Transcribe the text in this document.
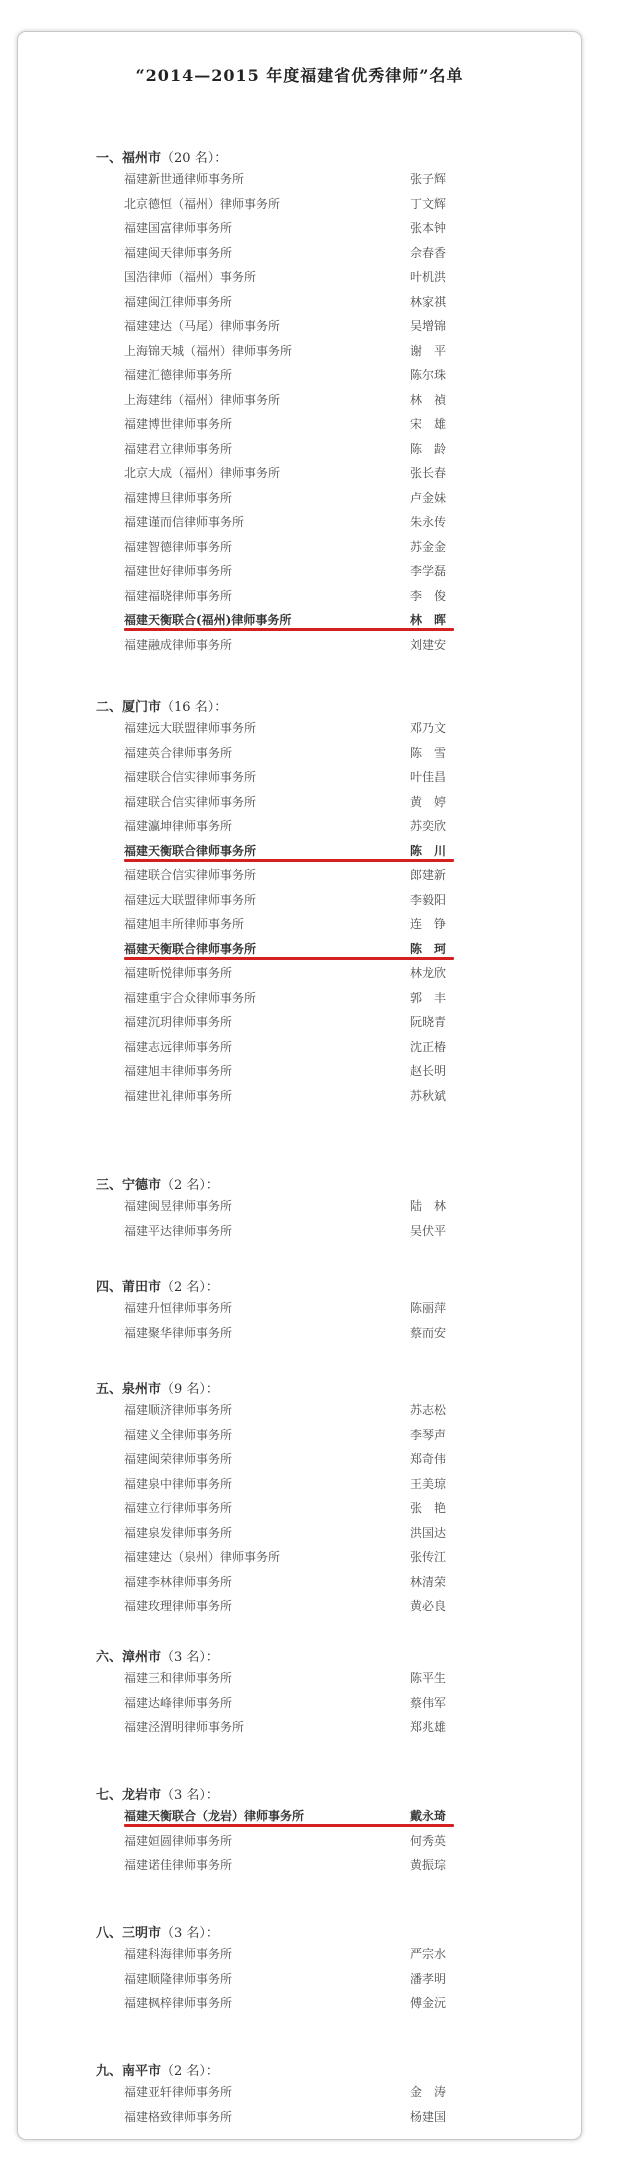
“2014—2015 年度福建省优秀律师”名单
一、福州市（20 名）：
福建新世通律师事务所	张子辉
北京德恒（福州）律师事务所	丁文辉
福建国富律师事务所	张本钟
福建闽天律师事务所	佘春香
国浩律师（福州）事务所	叶机洪
福建闽江律师事务所	林家祺
福建建达（马尾）律师事务所	吴增锦
上海锦天城（福州）律师事务所	谢　平
福建汇德律师事务所	陈尔珠
上海建纬（福州）律师事务所	林　禎
福建博世律师事务所	宋　雄
福建君立律师事务所	陈　龄
北京大成（福州）律师事务所	张长春
福建博旦律师事务所	卢金妹
福建谨而信律师事务所	朱永传
福建智德律师事务所	苏金金
福建世好律师事务所	李学磊
福建福晓律师事务所	李　俊
福建天衡联合(福州)律师事务所	林　晖
福建融成律师事务所	刘建安
二、厦门市（16 名）：
福建远大联盟律师事务所	邓乃文
福建英合律师事务所	陈　雪
福建联合信实律师事务所	叶佳昌
福建联合信实律师事务所	黄　婷
福建瀛坤律师事务所	苏奕欣
福建天衡联合律师事务所	陈　川
福建联合信实律师事务所	郎建新
福建远大联盟律师事务所	李毅阳
福建旭丰所律师事务所	连　铮
福建天衡联合律师事务所	陈　珂
福建昕悦律师事务所	林龙欣
福建重宇合众律师事务所	郭　丰
福建沉玥律师事务所	阮晓青
福建志远律师事务所	沈正椿
福建旭丰律师事务所	赵长明
福建世礼律师事务所	苏秋斌
三、宁德市（2 名）：
福建闽昱律师事务所	陆　林
福建平达律师事务所	吴伏平
四、莆田市（2 名）：
福建升恒律师事务所	陈丽萍
福建聚华律师事务所	蔡而安
五、泉州市（9 名）：
福建顺济律师事务所	苏志松
福建义全律师事务所	李琴声
福建闽荣律师事务所	郑奇伟
福建泉中律师事务所	王美琼
福建立行律师事务所	张　艳
福建泉发律师事务所	洪国达
福建建达（泉州）律师事务所	张传江
福建李林律师事务所	林清荣
福建玫理律师事务所	黄必良
六、漳州市（3 名）：
福建三和律师事务所	陈平生
福建达峰律师事务所	蔡伟军
福建泾渭明律师事务所	郑兆雄
七、龙岩市（3 名）：
福建天衡联合（龙岩）律师事务所	戴永琦
福建姮圆律师事务所	何秀英
福建诺佳律师事务所	黄振琮
八、三明市（3 名）：
福建科海律师事务所	严宗水
福建顺隆律师事务所	潘孝明
福建枫梓律师事务所	傅金沅
九、南平市（2 名）：
福建亚轩律师事务所	金　涛
福建格致律师事务所	杨建国
